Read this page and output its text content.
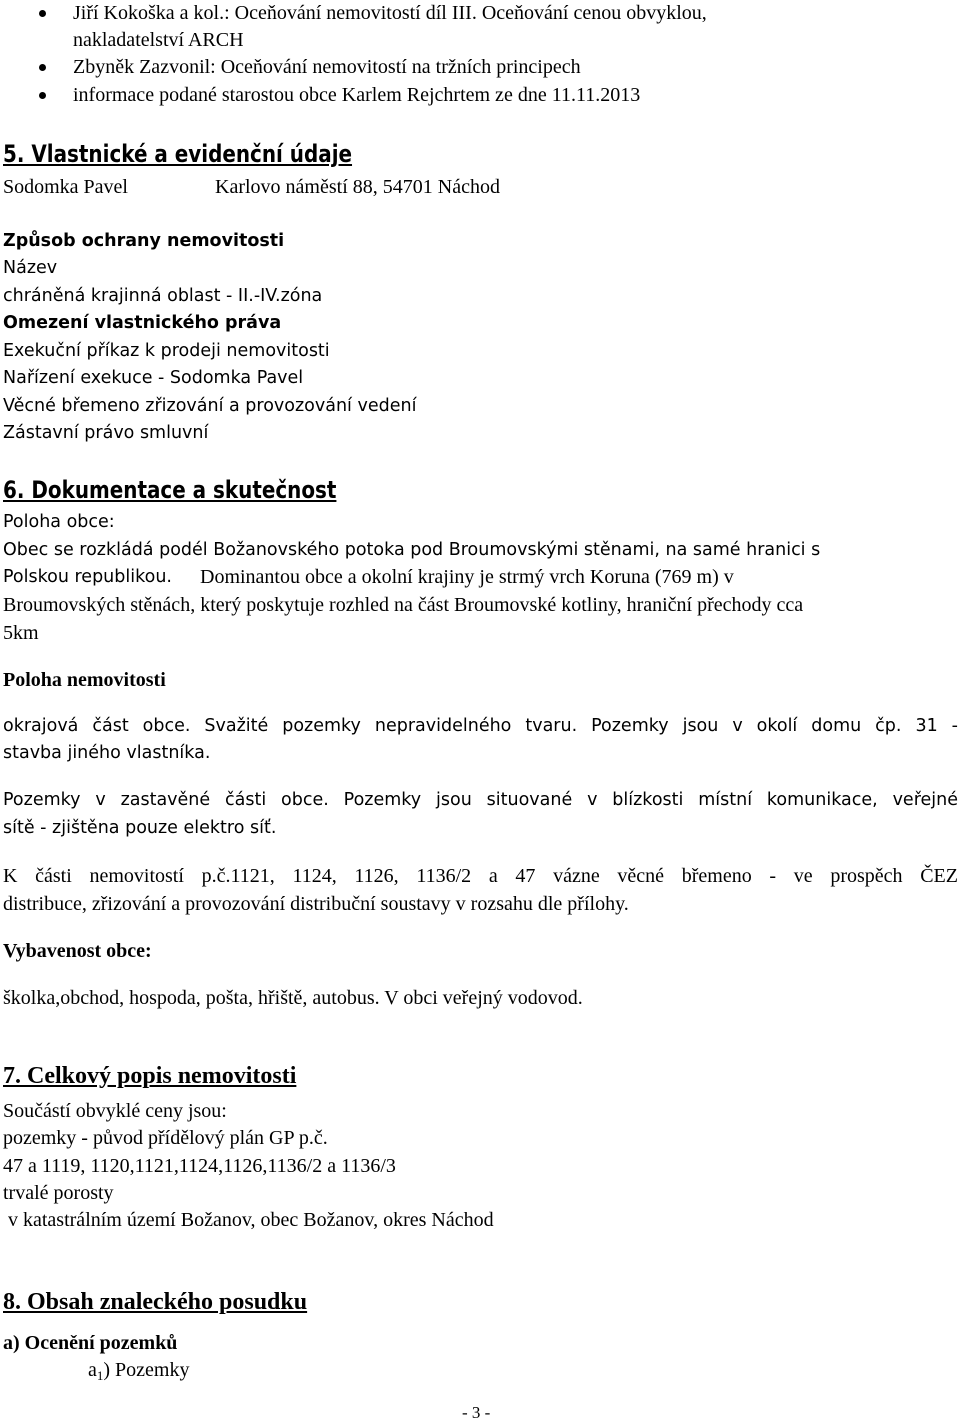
Jiří Kokoška a kol.: Oceňování nemovitostí díl III. Oceňování cenou obvyklou,
nakladatelství ARCH
Zbyněk Zazvonil: Oceňování nemovitostí na tržních principech
informace podané starostou obce Karlem Rejchrtem ze dne 11.11.2013
5. Vlastnické a evidenční údaje
Sodomka Pavel	Karlovo náměstí 88, 54701 Náchod
Způsob ochrany nemovitosti
Název
chráněná krajinná oblast - II.-IV.zóna
Omezení vlastnického práva
Exekuční příkaz k prodeji nemovitosti
Nařízení exekuce - Sodomka Pavel
Věcné břemeno zřizování a provozování vedení
Zástavní právo smluvní
6. Dokumentace a skutečnost
Poloha obce:
Obec se rozkládá podél Božanovského potoka pod Broumovskými stěnami, na samé hranici s
Polskou republikou. Dominantou obce a okolní krajiny je strmý vrch Koruna (769 m) v
Broumovských stěnách, který poskytuje rozhled na část Broumovské kotliny, hraniční přechody cca
5km
Poloha nemovitosti
okrajová část obce. Svažité pozemky nepravidelného tvaru. Pozemky jsou v okolí domu čp. 31 -
stavba jiného vlastníka.
Pozemky v zastavěné části obce. Pozemky jsou situované v blízkosti místní komunikace, veřejné
sítě - zjištěna pouze elektro síť.
K části nemovitostí p.č.1121, 1124, 1126, 1136/2 a 47 vázne věcné břemeno - ve prospěch ČEZ
distribuce, zřizování a provozování distribuční soustavy v rozsahu dle přílohy.
Vybavenost obce:
školka,obchod, hospoda, pošta, hřiště, autobus. V obci veřejný vodovod.
7. Celkový popis nemovitosti
Součástí obvyklé ceny jsou:
pozemky - původ přídělový plán GP p.č.
47 a 1119, 1120,1121,1124,1126,1136/2 a 1136/3
trvalé porosty
v katastrálním území Božanov, obec Božanov, okres Náchod
8. Obsah znaleckého posudku
a) Ocenění pozemků
$a_1$) Pozemky
- 3 -
